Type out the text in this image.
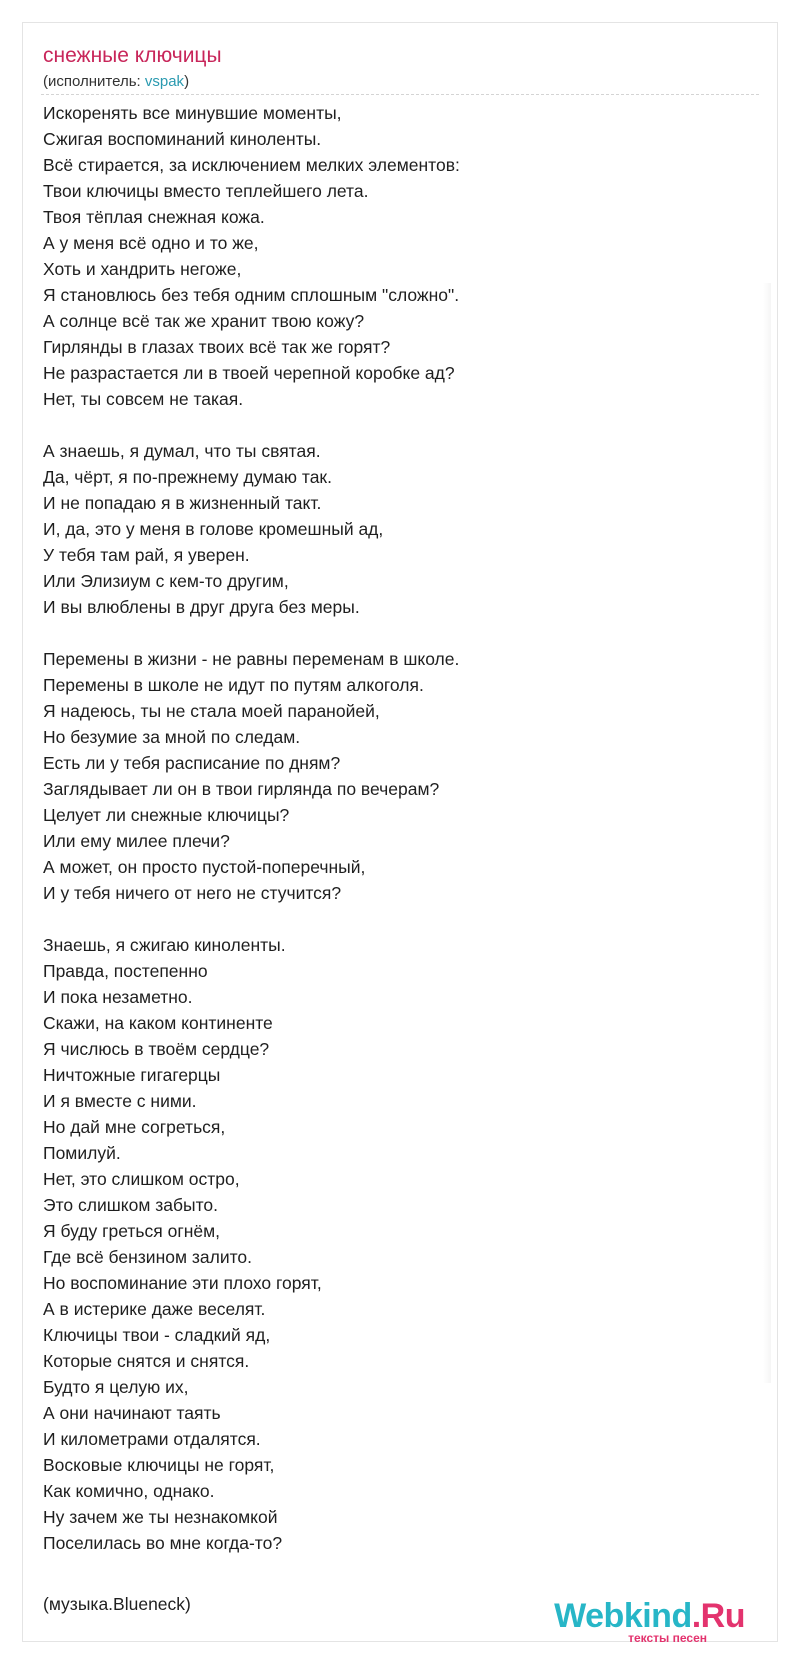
снежные ключицы
(исполнитель: vspak)
Искоренять все минувшие моменты,
Сжигая воспоминаний киноленты.
Всё стирается, за исключением мелких элементов:
Твои ключицы вместо теплейшего лета.
Твоя тёплая снежная кожа.
А у меня всё одно и то же,
Хоть и хандрить негоже,
Я становлюсь без тебя одним сплошным "сложно".
А солнце всё так же хранит твою кожу?
Гирлянды в глазах твоих всё так же горят?
Не разрастается ли в твоей черепной коробке ад?
Нет, ты совсем не такая.
А знаешь, я думал, что ты святая.
Да, чёрт, я по-прежнему думаю так.
И не попадаю я в жизненный такт.
И, да, это у меня в голове кромешный ад,
У тебя там рай, я уверен.
Или Элизиум с кем-то другим,
И вы влюблены в друг друга без меры.
Перемены в жизни - не равны переменам в школе.
Перемены в школе не идут по путям алкоголя.
Я надеюсь, ты не стала моей паранойей,
Но безумие за мной по следам.
Есть ли у тебя расписание по дням?
Заглядывает ли он в твои гирлянда по вечерам?
Целует ли снежные ключицы?
Или ему милее плечи?
А может, он просто пустой-поперечный,
И у тебя ничего от него не стучится?
Знаешь, я сжигаю киноленты.
Правда, постепенно
И пока незаметно.
Скажи, на каком континенте
Я числюсь в твоём сердце?
Ничтожные гигагерцы
И я вместе с ними.
Но дай мне согреться,
Помилуй.
Нет, это слишком остро,
Это слишком забыто.
Я буду греться огнём,
Где всё бензином залито.
Но воспоминание эти плохо горят,
А в истерике даже веселят.
Ключицы твои - сладкий яд,
Которые снятся и снятся.
Будто я целую их,
А они начинают таять
И километрами отдалятся.
Восковые ключицы не горят,
Как комично, однако.
Ну зачем же ты незнакомкой
Поселилась во мне когда-то?
(музыка.Blueneck)	Webkind.Ru
тексты песен
